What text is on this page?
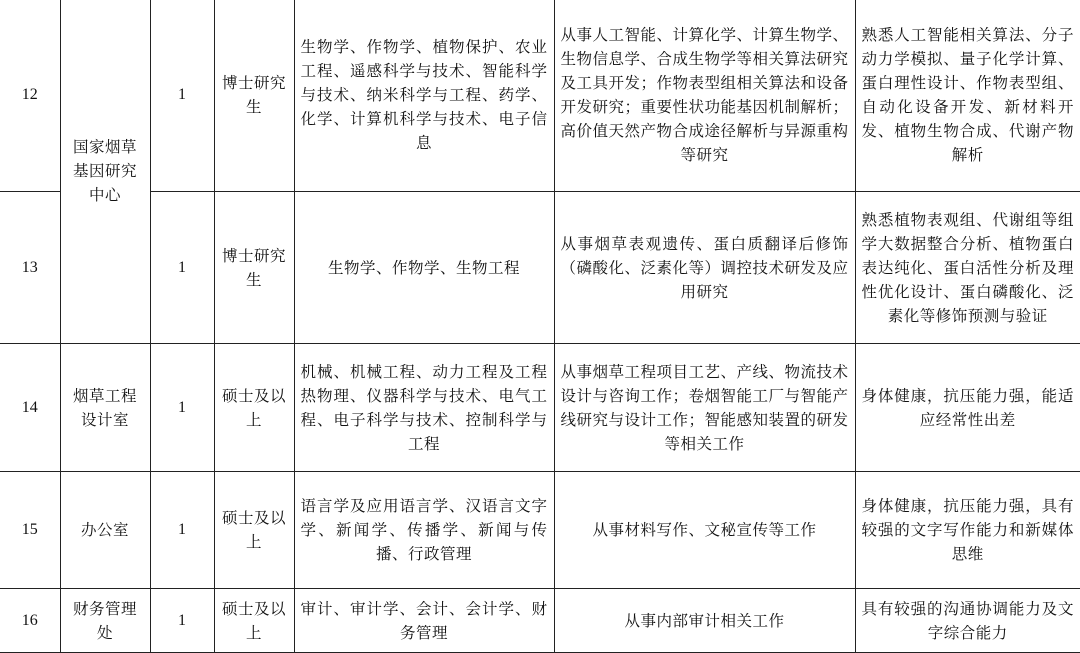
12	国家烟草基因研究中心	1	博士研究生	生物学、作物学、植物保护、农业工程、遥感科学与技术、智能科学与技术、纳米科学与工程、药学、化学、计算机科学与技术、电子信息	从事人工智能、计算化学、计算生物学、生物信息学、合成生物学等相关算法研究及工具开发；作物表型组相关算法和设备开发研究；重要性状功能基因机制解析；高价值天然产物合成途径解析与异源重构等研究	熟悉人工智能相关算法、分子动力学模拟、量子化学计算、蛋白理性设计、作物表型组、自动化设备开发、新材料开发、植物生物合成、代谢产物解析
13		1	博士研究生	生物学、作物学、生物工程	从事烟草表观遗传、蛋白质翻译后修饰（磷酸化、泛素化等）调控技术研发及应用研究	熟悉植物表观组、代谢组等组学大数据整合分析、植物蛋白表达纯化、蛋白活性分析及理性优化设计、蛋白磷酸化、泛素化等修饰预测与验证
14	烟草工程设计室	1	硕士及以上	机械、机械工程、动力工程及工程热物理、仪器科学与技术、电气工程、电子科学与技术、控制科学与工程	从事烟草工程项目工艺、产线、物流技术设计与咨询工作；卷烟智能工厂与智能产线研究与设计工作；智能感知装置的研发等相关工作	身体健康，抗压能力强，能适应经常性出差
15	办公室	1	硕士及以上	语言学及应用语言学、汉语言文字学、新闻学、传播学、新闻与传播、行政管理	从事材料写作、文秘宣传等工作	身体健康，抗压能力强，具有较强的文字写作能力和新媒体思维
16	财务管理处	1	硕士及以上	审计、审计学、会计、会计学、财务管理	从事内部审计相关工作	具有较强的沟通协调能力及文字综合能力
